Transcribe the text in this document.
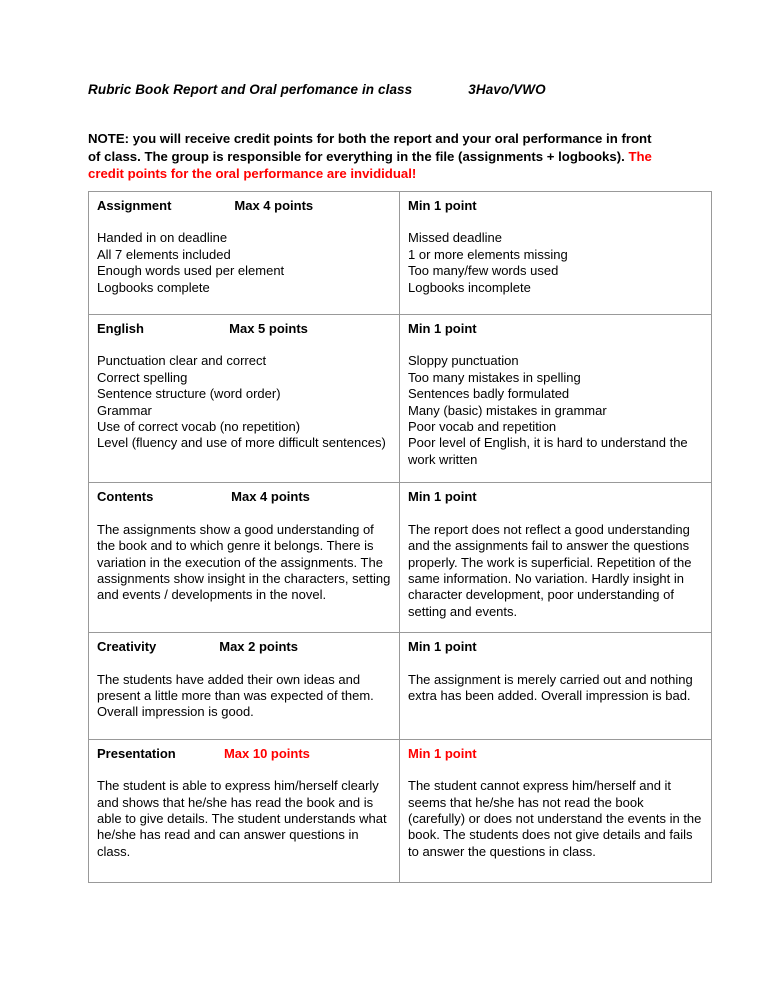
Rubric Book Report and Oral perfomance in class	3Havo/VWO
NOTE: you will receive credit points for both the report and your oral performance in front of class. The group is responsible for everything in the file (assignments + logbooks). The credit points for the oral performance are invididual!
Assignment	Max 4 points
Handed in on deadline
All 7 elements included
Enough words used per element
Logbooks complete

Min 1 point
Missed deadline
1 or more elements missing
Too many/few words used
Logbooks incomplete

English	Max 5 points
Punctuation clear and correct
Correct spelling
Sentence structure (word order)
Grammar
Use of correct vocab (no repetition)
Level (fluency and use of more difficult sentences)

Min 1 point
Sloppy punctuation
Too many mistakes in spelling
Sentences badly formulated
Many (basic) mistakes in grammar
Poor vocab and repetition
Poor level of English, it is hard to understand the work written

Contents	Max 4 points
The assignments show a good understanding of the book and to which genre it belongs. There is variation in the execution of the assignments. The assignments show insight in the characters, setting and events / developments in the novel.

Min 1 point
The report does not reflect a good understanding and the assignments fail to answer the questions properly. The work is superficial. Repetition of the same information. No variation. Hardly insight in character development, poor understanding of setting and events.

Creativity	Max 2 points
The students have added their own ideas and present a little more than was expected of them. Overall impression is good.

Min 1 point
The assignment is merely carried out and nothing extra has been added. Overall impression is bad.

Presentation	Max 10 points
The student is able to express him/herself clearly and shows that he/she has read the book and is able to give details. The student understands what he/she has read and can answer questions in class.

Min 1 point
The student cannot express him/herself and it seems that he/she has not read the book (carefully) or does not understand the events in the book. The students does not give details and fails to answer the questions in class.
